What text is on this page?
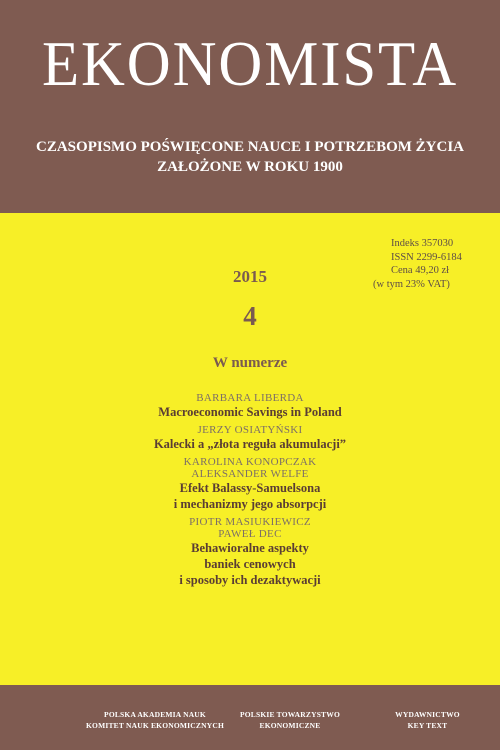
EKONOMISTA
CZASOPISMO POŚWIĘCONE NAUCE I POTRZEBOM ŻYCIA
ZAŁOŻONE W ROKU 1900
Indeks 357030
ISSN 2299-6184
Cena 49,20 zł
(w tym 23% VAT)
2015
4
W numerze
BARBARA LIBERDA
Macroeconomic Savings in Poland
JERZY OSIATYŃSKI
Kalecki a „złota reguła akumulacji”
KAROLINA KONOPCZAK
ALEKSANDER WELFE
Efekt Balassy-Samuelsona
i mechanizmy jego absorpcji
PIOTR MASIUKIEWICZ
PAWEŁ DEC
Behawioralne aspekty
baniek cenowych
i sposoby ich dezaktywacji
POLSKA AKADEMIA NAUK
KOMITET NAUK EKONOMICZNYCH
POLSKIE TOWARZYSTWO
EKONOMICZNE
WYDAWNICTWO
KEY TEXT
